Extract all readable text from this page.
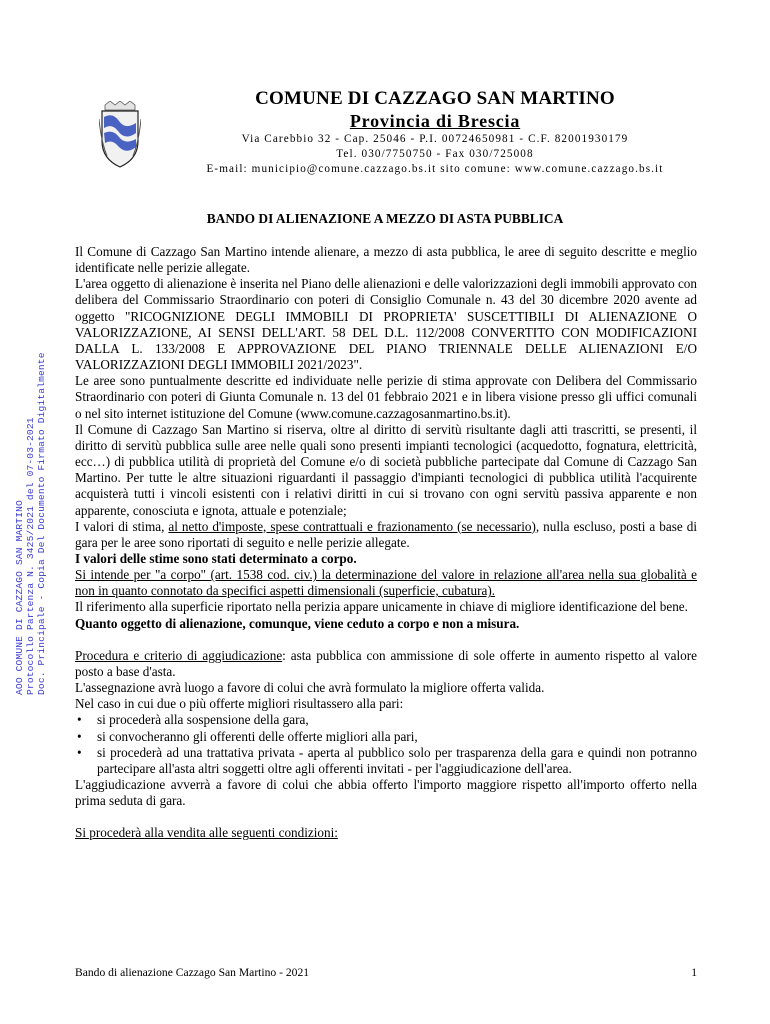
COMUNE DI CAZZAGO SAN MARTINO
Provincia di Brescia
Via Carebbio 32 - Cap. 25046 - P.I. 00724650981 - C.F. 82001930179
Tel. 030/7750750 - Fax 030/725008
E-mail: municipio@comune.cazzago.bs.it sito comune: www.comune.cazzago.bs.it
AOO COMUNE DI CAZZAGO SAN MARTINO Protocollo Partenza N. 3425/2021 del 07-03-2021 Doc. Principale - Copia Del Documento Firmato Digitalmente
BANDO DI ALIENAZIONE A MEZZO DI ASTA PUBBLICA

Il Comune di Cazzago San Martino intende alienare, a mezzo di asta pubblica, le aree di seguito descritte e meglio identificate nelle perizie allegate.

L'area oggetto di alienazione è inserita nel Piano delle alienazioni e delle valorizzazioni degli immobili approvato con delibera del Commissario Straordinario con poteri di Consiglio Comunale n. 43 del 30 dicembre 2020 avente ad oggetto "RICOGNIZIONE DEGLI IMMOBILI DI PROPRIETA' SUSCETTIBILI DI ALIENAZIONE O VALORIZZAZIONE, AI SENSI DELL'ART. 58 DEL D.L. 112/2008 CONVERTITO CON MODIFICAZIONI DALLA L. 133/2008 E APPROVAZIONE DEL PIANO TRIENNALE DELLE ALIENAZIONI E/O VALORIZZAZIONI DEGLI IMMOBILI 2021/2023".

Le aree sono puntualmente descritte ed individuate nelle perizie di stima approvate con Delibera del Commissario Straordinario con poteri di Giunta Comunale n. 13 del 01 febbraio 2021 e in libera visione presso gli uffici comunali o nel sito internet istituzione del Comune (www.comune.cazzagosanmartino.bs.it).

Il Comune di Cazzago San Martino si riserva, oltre al diritto di servitù risultante dagli atti trascritti, se presenti, il diritto di servitù pubblica sulle aree nelle quali sono presenti impianti tecnologici (acquedotto, fognatura, elettricità, ecc…) di pubblica utilità di proprietà del Comune e/o di società pubbliche partecipate dal Comune di Cazzago San Martino. Per tutte le altre situazioni riguardanti il passaggio d'impianti tecnologici di pubblica utilità l'acquirente acquisterà tutti i vincoli esistenti con i relativi diritti in cui si trovano con ogni servitù passiva apparente e non apparente, conosciuta e ignota, attuale e potenziale;

I valori di stima, al netto d'imposte, spese contrattuali e frazionamento (se necessario), nulla escluso, posti a base di gara per le aree sono riportati di seguito e nelle perizie allegate.

I valori delle stime sono stati determinato a corpo.

Si intende per "a corpo" (art. 1538 cod. civ.) la determinazione del valore in relazione all'area nella sua globalità e non in quanto connotato da specifici aspetti dimensionali (superficie, cubatura).

Il riferimento alla superficie riportato nella perizia appare unicamente in chiave di migliore identificazione del bene.

Quanto oggetto di alienazione, comunque, viene ceduto a corpo e non a misura.

Procedura e criterio di aggiudicazione: asta pubblica con ammissione di sole offerte in aumento rispetto al valore posto a base d'asta.

L'assegnazione avrà luogo a favore di colui che avrà formulato la migliore offerta valida.

Nel caso in cui due o più offerte migliori risultassero alla pari:

• si procederà alla sospensione della gara,
• si convocheranno gli offerenti delle offerte migliori alla pari,
• si procederà ad una trattativa privata - aperta al pubblico solo per trasparenza della gara e quindi non potranno partecipare all'asta altri soggetti oltre agli offerenti invitati - per l'aggiudicazione dell'area.

L'aggiudicazione avverrà a favore di colui che abbia offerto l'importo maggiore rispetto all'importo offerto nella prima seduta di gara.

Si procederà alla vendita alle seguenti condizioni:

Bando di alienazione Cazzago San Martino - 2021	1
